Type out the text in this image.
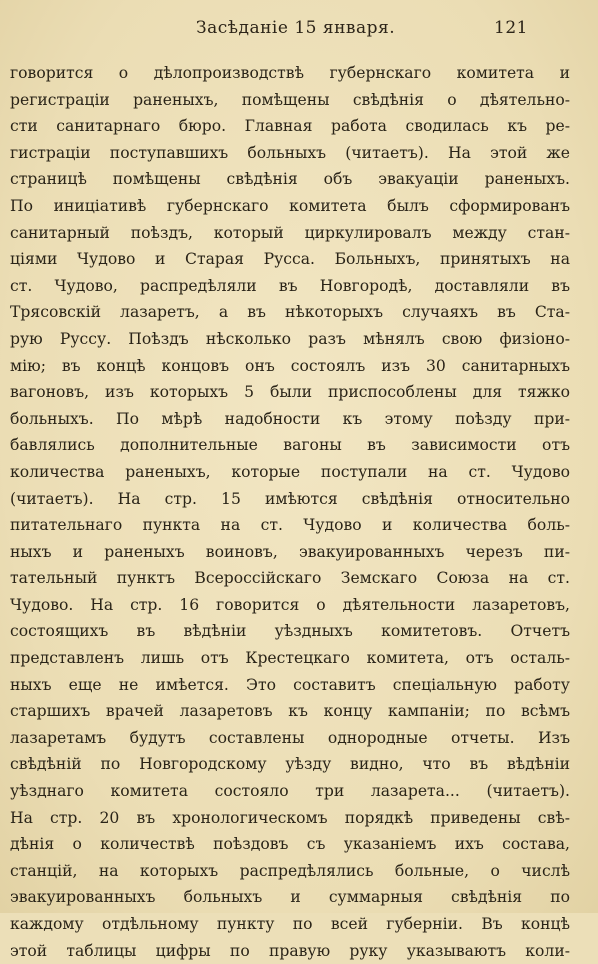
Засѣданіе 15 января.	121
говорится о дѣлопроизводствѣ губернскаго комитета и
регистраціи раненыхъ, помѣщены свѣдѣнія о дѣятельно-
сти санитарнаго бюро. Главная работа сводилась къ ре-
гистраціи поступавшихъ больныхъ (читаетъ). На этой же
страницѣ помѣщены свѣдѣнія объ эвакуаціи раненыхъ.
По иниціативѣ губернскаго комитета былъ сформированъ
санитарный поѣздъ, который циркулировалъ между стан-
ціями Чудово и Старая Русса. Больныхъ, принятыхъ на
ст. Чудово, распредѣляли въ Новгородѣ, доставляли въ
Трясовскій лазаретъ, а въ нѣкоторыхъ случаяхъ въ Ста-
рую Руссу. Поѣздъ нѣсколько разъ мѣнялъ свою физіоно-
мію; въ концѣ концовъ онъ состоялъ изъ 30 санитарныхъ
вагоновъ, изъ которыхъ 5 были приспособлены для тяжко
больныхъ. По мѣрѣ надобности къ этому поѣзду при-
бавлялись дополнительные вагоны въ зависимости отъ
количества раненыхъ, которые поступали на ст. Чудово
(читаетъ). На стр. 15 имѣются свѣдѣнія относительно
питательнаго пункта на ст. Чудово и количества боль-
ныхъ и раненыхъ воиновъ, эвакуированныхъ черезъ пи-
тательный пунктъ Всероссійскаго Земскаго Союза на ст.
Чудово. На стр. 16 говорится о дѣятельности лазаретовъ,
состоящихъ въ вѣдѣніи уѣздныхъ комитетовъ. Отчетъ
представленъ лишь отъ Крестецкаго комитета, отъ осталь-
ныхъ еще не имѣется. Это составитъ спеціальную работу
старшихъ врачей лазаретовъ къ концу кампаніи; по всѣмъ
лазаретамъ будутъ составлены однородные отчеты. Изъ
свѣдѣній по Новгородскому уѣзду видно, что въ вѣдѣніи
уѣзднаго комитета состояло три лазарета... (читаетъ).
На стр. 20 въ хронологическомъ порядкѣ приведены свѣ-
дѣнія о количествѣ поѣздовъ съ указаніемъ ихъ состава,
станцій, на которыхъ распредѣлялись больные, о числѣ
эвакуированныхъ больныхъ и суммарныя свѣдѣнія по
каждому отдѣльному пункту по всей губерніи. Въ концѣ
этой таблицы цифры по правую руку указываютъ коли-
